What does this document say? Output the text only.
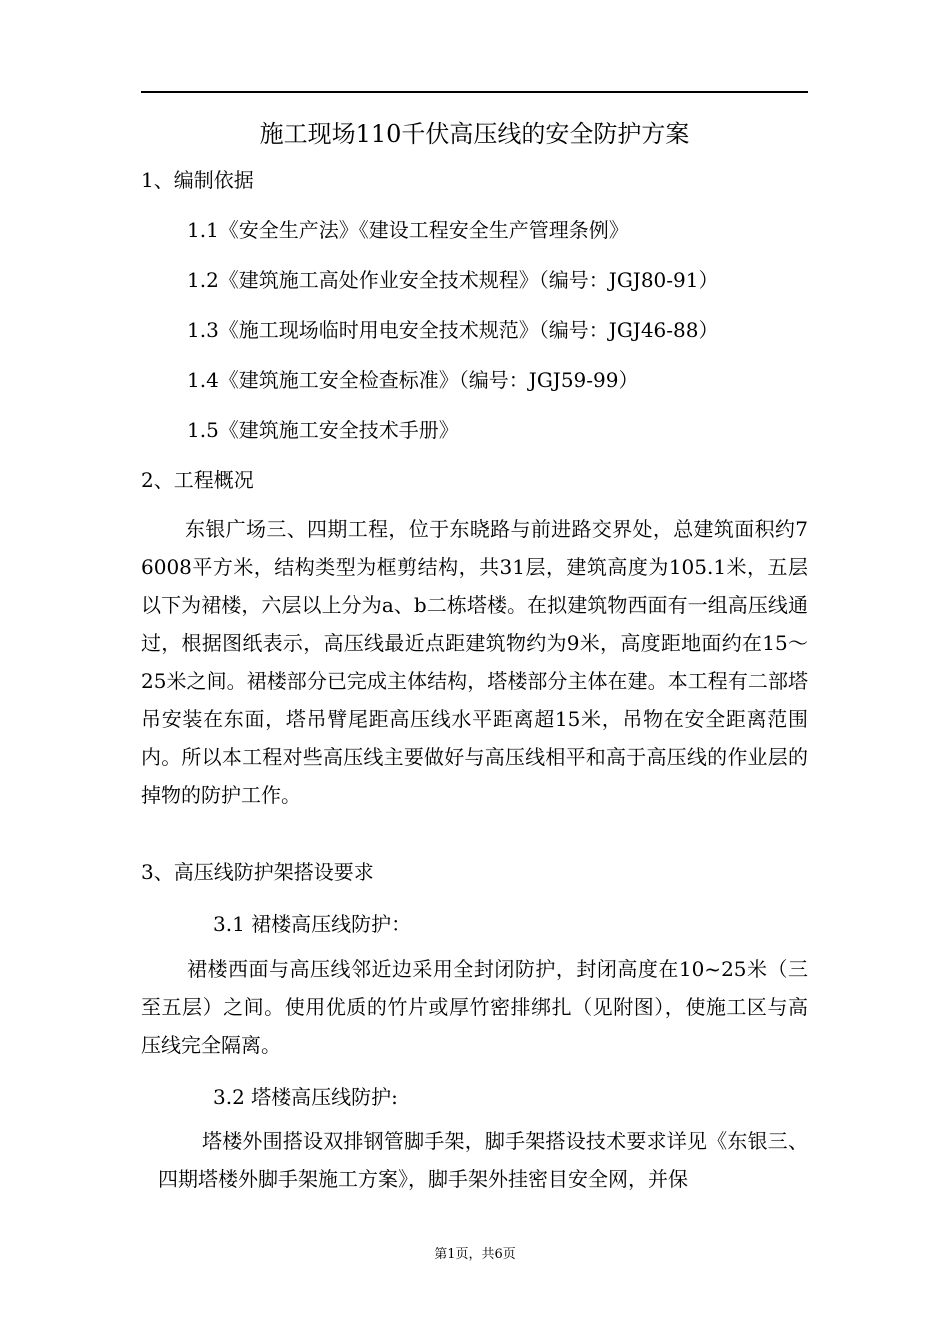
施工现场110千伏高压线的安全防护方案
1、编制依据
1.1《安全生产法》《建设工程安全生产管理条例》
1.2《建筑施工高处作业安全技术规程》（编号：JGJ80-91）
1.3《施工现场临时用电安全技术规范》（编号：JGJ46-88）
1.4《建筑施工安全检查标准》（编号：JGJ59-99）
1.5《建筑施工安全技术手册》
2、工程概况
东银广场三、四期工程，位于东晓路与前进路交界处，总建筑面积约76008平方米，结构类型为框剪结构，共31层，建筑高度为105.1米，五层以下为裙楼，六层以上分为a、b二栋塔楼。在拟建筑物西面有一组高压线通过，根据图纸表示，高压线最近点距建筑物约为9米，高度距地面约在15～25米之间。裙楼部分已完成主体结构，塔楼部分主体在建。本工程有二部塔吊安装在东面，塔吊臂尾距高压线水平距离超15米，吊物在安全距离范围内。所以本工程对些高压线主要做好与高压线相平和高于高压线的作业层的掉物的防护工作。
3、高压线防护架搭设要求
3.1 裙楼高压线防护：
裙楼西面与高压线邻近边采用全封闭防护，封闭高度在10~25米（三至五层）之间。使用优质的竹片或厚竹密排绑扎（见附图），使施工区与高压线完全隔离。
3.2 塔楼高压线防护:
塔楼外围搭设双排钢管脚手架，脚手架搭设技术要求详见《东银三、四期塔楼外脚手架施工方案》，脚手架外挂密目安全网，并保
第1页，共6页
